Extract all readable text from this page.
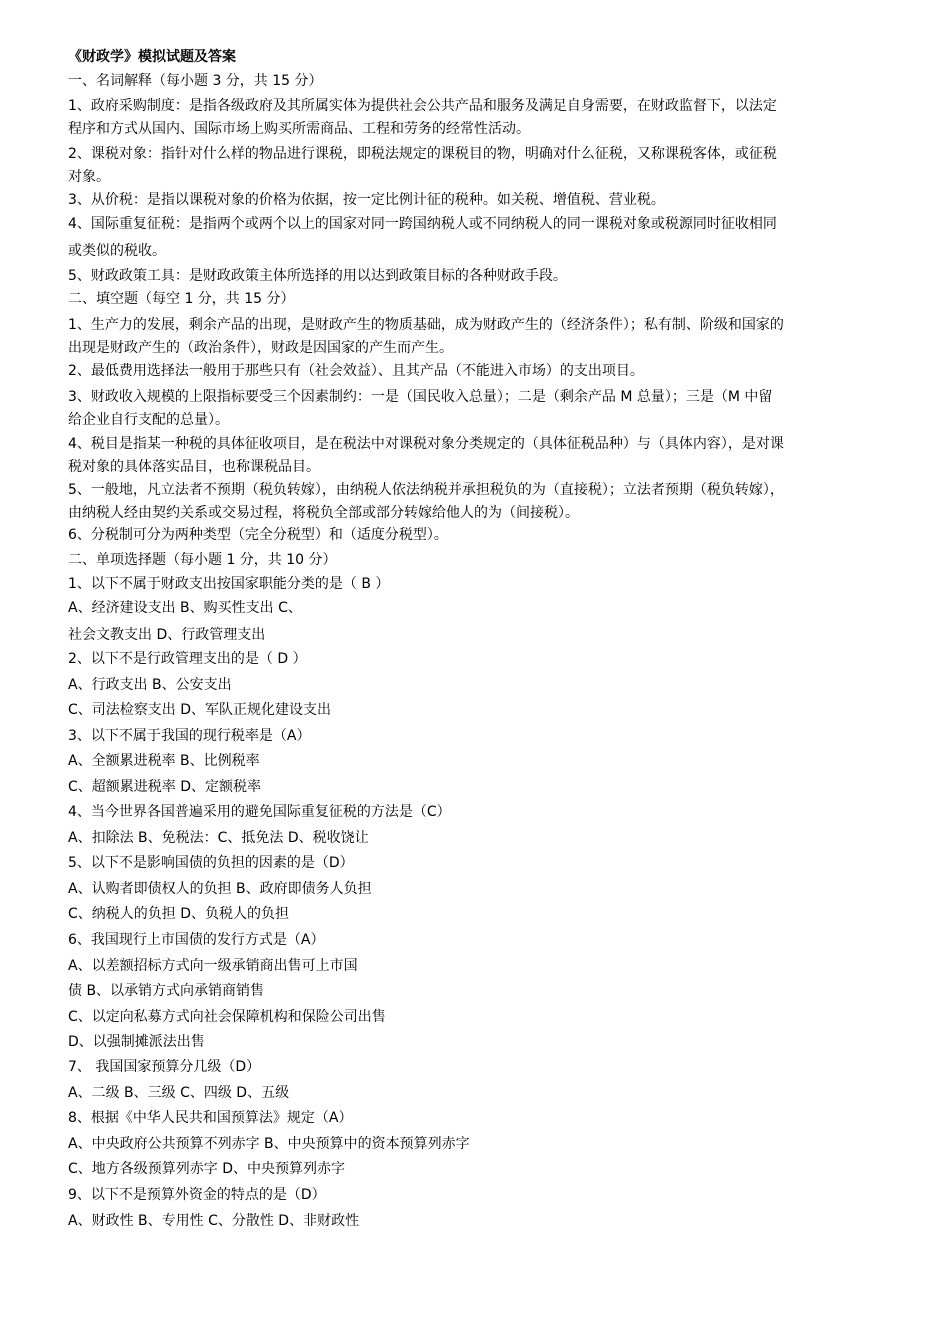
《财政学》模拟试题及答案
一、名词解释（每小题 3 分，共 15 分）
1、政府采购制度：是指各级政府及其所属实体为提供社会公共产品和服务及满足自身需要，在财政监督下，以法定
程序和方式从国内、国际市场上购买所需商品、工程和劳务的经常性活动。
2、课税对象：指针对什么样的物品进行课税，即税法规定的课税目的物，明确对什么征税，又称课税客体，或征税
对象。
3、从价税：是指以课税对象的价格为依据，按一定比例计征的税种。如关税、增值税、营业税。
4、国际重复征税：是指两个或两个以上的国家对同一跨国纳税人或不同纳税人的同一课税对象或税源同时征收相同
或类似的税收。
5、财政政策工具：是财政政策主体所选择的用以达到政策目标的各种财政手段。
二、填空题（每空 1 分，共 15 分）
1、生产力的发展，剩余产品的出现，是财政产生的物质基础，成为财政产生的（经济条件）；私有制、阶级和国家的
出现是财政产生的（政治条件），财政是因国家的产生而产生。
2、最低费用选择法一般用于那些只有（社会效益）、且其产品（不能进入市场）的支出项目。
3、财政收入规模的上限指标要受三个因素制约：一是（国民收入总量）；二是（剩余产品 M 总量）；三是（M 中留
给企业自行支配的总量）。
4、税目是指某一种税的具体征收项目，是在税法中对课税对象分类规定的（具体征税品种）与（具体内容），是对课
税对象的具体落实品目，也称课税品目。
5、一般地，凡立法者不预期（税负转嫁），由纳税人依法纳税并承担税负的为（直接税）；立法者预期（税负转嫁），
由纳税人经由契约关系或交易过程，将税负全部或部分转嫁给他人的为（间接税）。
6、分税制可分为两种类型（完全分税型）和（适度分税型）。
二、单项选择题（每小题 1 分，共 10 分）
1、以下不属于财政支出按国家职能分类的是（ B ）
A、经济建设支出 B、购买性支出 C、
社会文教支出 D、行政管理支出
2、以下不是行政管理支出的是（ D ）
A、行政支出 B、公安支出
C、司法检察支出 D、军队正规化建设支出
3、以下不属于我国的现行税率是（A）
A、全额累进税率 B、比例税率
C、超额累进税率 D、定额税率
4、当今世界各国普遍采用的避免国际重复征税的方法是（C）
A、扣除法 B、免税法：C、抵免法 D、税收饶让
5、以下不是影响国债的负担的因素的是（D）
A、认购者即债权人的负担 B、政府即债务人负担
C、纳税人的负担 D、负税人的负担
6、我国现行上市国债的发行方式是（A）
A、以差额招标方式向一级承销商出售可上市国
债 B、以承销方式向承销商销售
C、以定向私募方式向社会保障机构和保险公司出售
D、以强制摊派法出售
7、 我国国家预算分几级（D）
A、二级 B、三级 C、四级 D、五级
8、根据《中华人民共和国预算法》规定（A）
A、中央政府公共预算不列赤字 B、中央预算中的资本预算列赤字
C、地方各级预算列赤字 D、中央预算列赤字
9、以下不是预算外资金的特点的是（D）
A、财政性 B、专用性 C、分散性 D、非财政性
